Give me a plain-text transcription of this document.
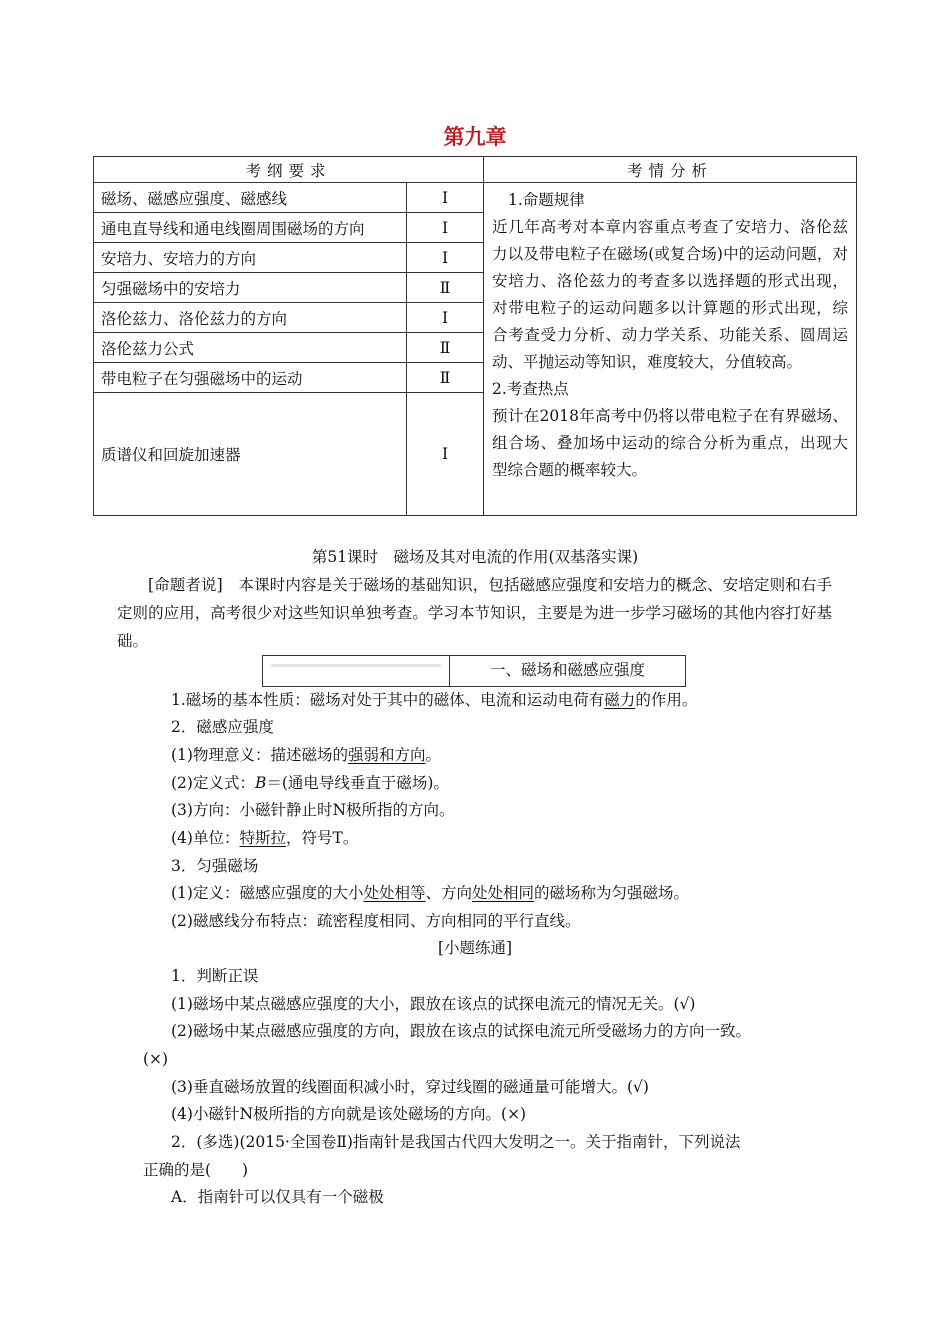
第九章
考纲要求		考情分析
磁场、磁感应强度、磁感线	Ⅰ	1.命题规律

近几年高考对本章内容重点考查了安培力、洛伦兹力以及带电粒子在磁场(或复合场)中的运动问题，对安培力、洛伦兹力的考查多以选择题的形式出现，对带电粒子的运动问题多以计算题的形式出现，综合考查受力分析、动力学关系、功能关系、圆周运动、平抛运动等知识，难度较大，分值较高。

2.考查热点

预计在2018年高考中仍将以带电粒子在有界磁场、组合场、叠加场中运动的综合分析为重点，出现大型综合题的概率较大。

通电直导线和通电线圈周围磁场的方向	Ⅰ	
安培力、安培力的方向	Ⅰ	
匀强磁场中的安培力	Ⅱ	
洛伦兹力、洛伦兹力的方向	Ⅰ	
洛伦兹力公式	Ⅱ	
带电粒子在匀强磁场中的运动	Ⅱ	
质谱仪和回旋加速器	Ⅰ	
第51课时　磁场及其对电流的作用(双基落实课)
[命题者说]　 本课时内容是关于磁场的基础知识，包括磁感应强度和安培力的概念、安培定则和右手定则的应用，高考很少对这些知识单独考查。学习本节知识，主要是为进一步学习磁场的其他内容打好基础。
一、磁场和磁感应强度
1.磁场的基本性质：磁场对处于其中的磁体、电流和运动电荷有磁力的作用。
2．磁感应强度
(1)物理意义：描述磁场的强弱和方向。
(2)定义式：B＝(通电导线垂直于磁场)。
(3)方向：小磁针静止时N极所指的方向。
(4)单位：特斯拉，符号T。
3．匀强磁场
(1)定义：磁感应强度的大小处处相等、方向处处相同的磁场称为匀强磁场。
(2)磁感线分布特点：疏密程度相同、方向相同的平行直线。
[小题练通]
1．判断正误
(1)磁场中某点磁感应强度的大小，跟放在该点的试探电流元的情况无关。(√)
(2)磁场中某点磁感应强度的方向，跟放在该点的试探电流元所受磁场力的方向一致。
(×)
(3)垂直磁场放置的线圈面积减小时，穿过线圈的磁通量可能增大。(√)
(4)小磁针N极所指的方向就是该处磁场的方向。(×)
2．(多选)(2015·全国卷Ⅱ)指南针是我国古代四大发明之一。关于指南针，下列说法
正确的是(　　)
A．指南针可以仅具有一个磁极
